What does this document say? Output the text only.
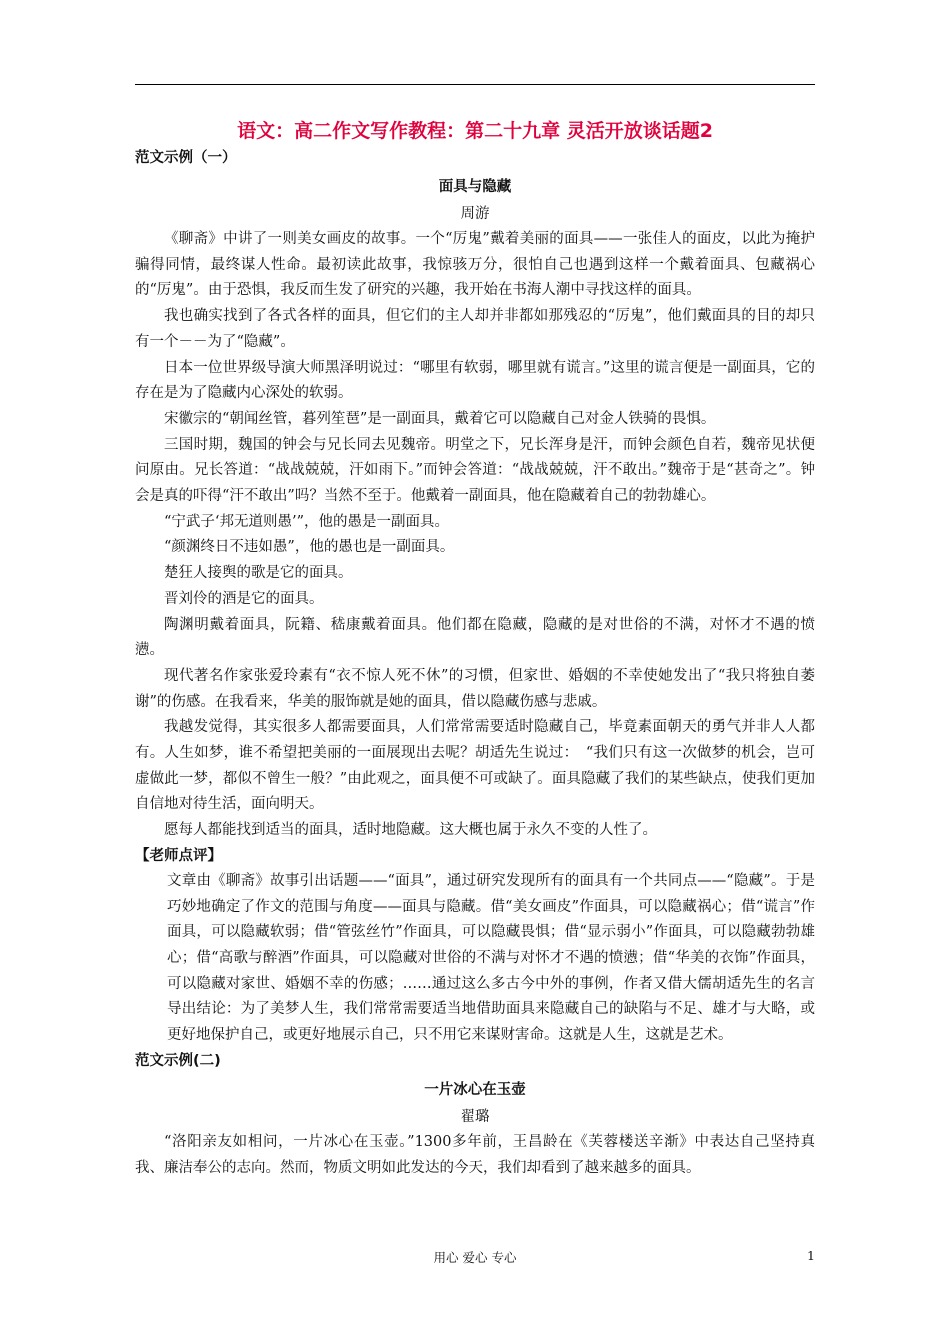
语文：高二作文写作教程：第二十九章 灵活开放谈话题2

范文示例（一）

面具与隐藏

周游

《聊斋》中讲了一则美女画皮的故事。一个“厉鬼”戴着美丽的面具——一张佳人的面皮，以此为掩护骗得同情，最终谋人性命。最初读此故事，我惊骇万分，很怕自己也遇到这样一个戴着面具、包藏祸心的“厉鬼”。由于恐惧，我反而生发了研究的兴趣，我开始在书海人潮中寻找这样的面具。

我也确实找到了各式各样的面具，但它们的主人却并非都如那残忍的“厉鬼”，他们戴面具的目的却只有一个－－为了“隐藏”。

日本一位世界级导演大师黑泽明说过：“哪里有软弱，哪里就有谎言。”这里的谎言便是一副面具，它的存在是为了隐藏内心深处的软弱。

宋徽宗的“朝闻丝管，暮列笙琶”是一副面具，戴着它可以隐藏自己对金人铁骑的畏惧。

三国时期，魏国的钟会与兄长同去见魏帝。明堂之下，兄长浑身是汗，而钟会颜色自若，魏帝见状便问原由。兄长答道：“战战兢兢，汗如雨下。”而钟会答道：“战战兢兢，汗不敢出。”魏帝于是“甚奇之”。钟会是真的吓得“汗不敢出”吗？当然不至于。他戴着一副面具，他在隐藏着自己的勃勃雄心。

“宁武子‘邦无道则愚’”，他的愚是一副面具。

“颜渊终日不违如愚”，他的愚也是一副面具。

楚狂人接舆的歌是它的面具。

晋刘伶的酒是它的面具。

陶渊明戴着面具，阮籍、嵇康戴着面具。他们都在隐藏，隐藏的是对世俗的不满，对怀才不遇的愤懑。

现代著名作家张爱玲素有“衣不惊人死不休”的习惯，但家世、婚姻的不幸使她发出了“我只将独自萎谢”的伤感。在我看来，华美的服饰就是她的面具，借以隐藏伤感与悲戚。

我越发觉得，其实很多人都需要面具，人们常常需要适时隐藏自己，毕竟素面朝天的勇气并非人人都有。人生如梦，谁不希望把美丽的一面展现出去呢？胡适先生说过：　“我们只有这一次做梦的机会，岂可虚做此一梦，都似不曾生一般？”由此观之，面具便不可或缺了。面具隐藏了我们的某些缺点，使我们更加自信地对待生活，面向明天。

愿每人都能找到适当的面具，适时地隐藏。这大概也属于永久不变的人性了。

【老师点评】

文章由《聊斋》故事引出话题——“面具”，通过研究发现所有的面具有一个共同点——“隐藏”。于是巧妙地确定了作文的范围与角度——面具与隐藏。借“美女画皮”作面具，可以隐藏祸心；借“谎言”作面具，可以隐藏软弱；借“管弦丝竹”作面具，可以隐藏畏惧；借“显示弱小”作面具，可以隐藏勃勃雄心；借“高歌与醉酒”作面具，可以隐藏对世俗的不满与对怀才不遇的愤懑；借“华美的衣饰”作面具，可以隐藏对家世、婚姻不幸的伤感；……通过这么多古今中外的事例，作者又借大儒胡适先生的名言导出结论：为了美梦人生，我们常常需要适当地借助面具来隐藏自己的缺陷与不足、雄才与大略，或更好地保护自己，或更好地展示自己，只不用它来谋财害命。这就是人生，这就是艺术。

范文示例(二)

一片冰心在玉壶

翟璐

“洛阳亲友如相问，一片冰心在玉壶。”1300多年前，王昌龄在《芙蓉楼送辛渐》中表达自己坚持真我、廉洁奉公的志向。然而，物质文明如此发达的今天，我们却看到了越来越多的面具。

用心 爱心 专心	1
